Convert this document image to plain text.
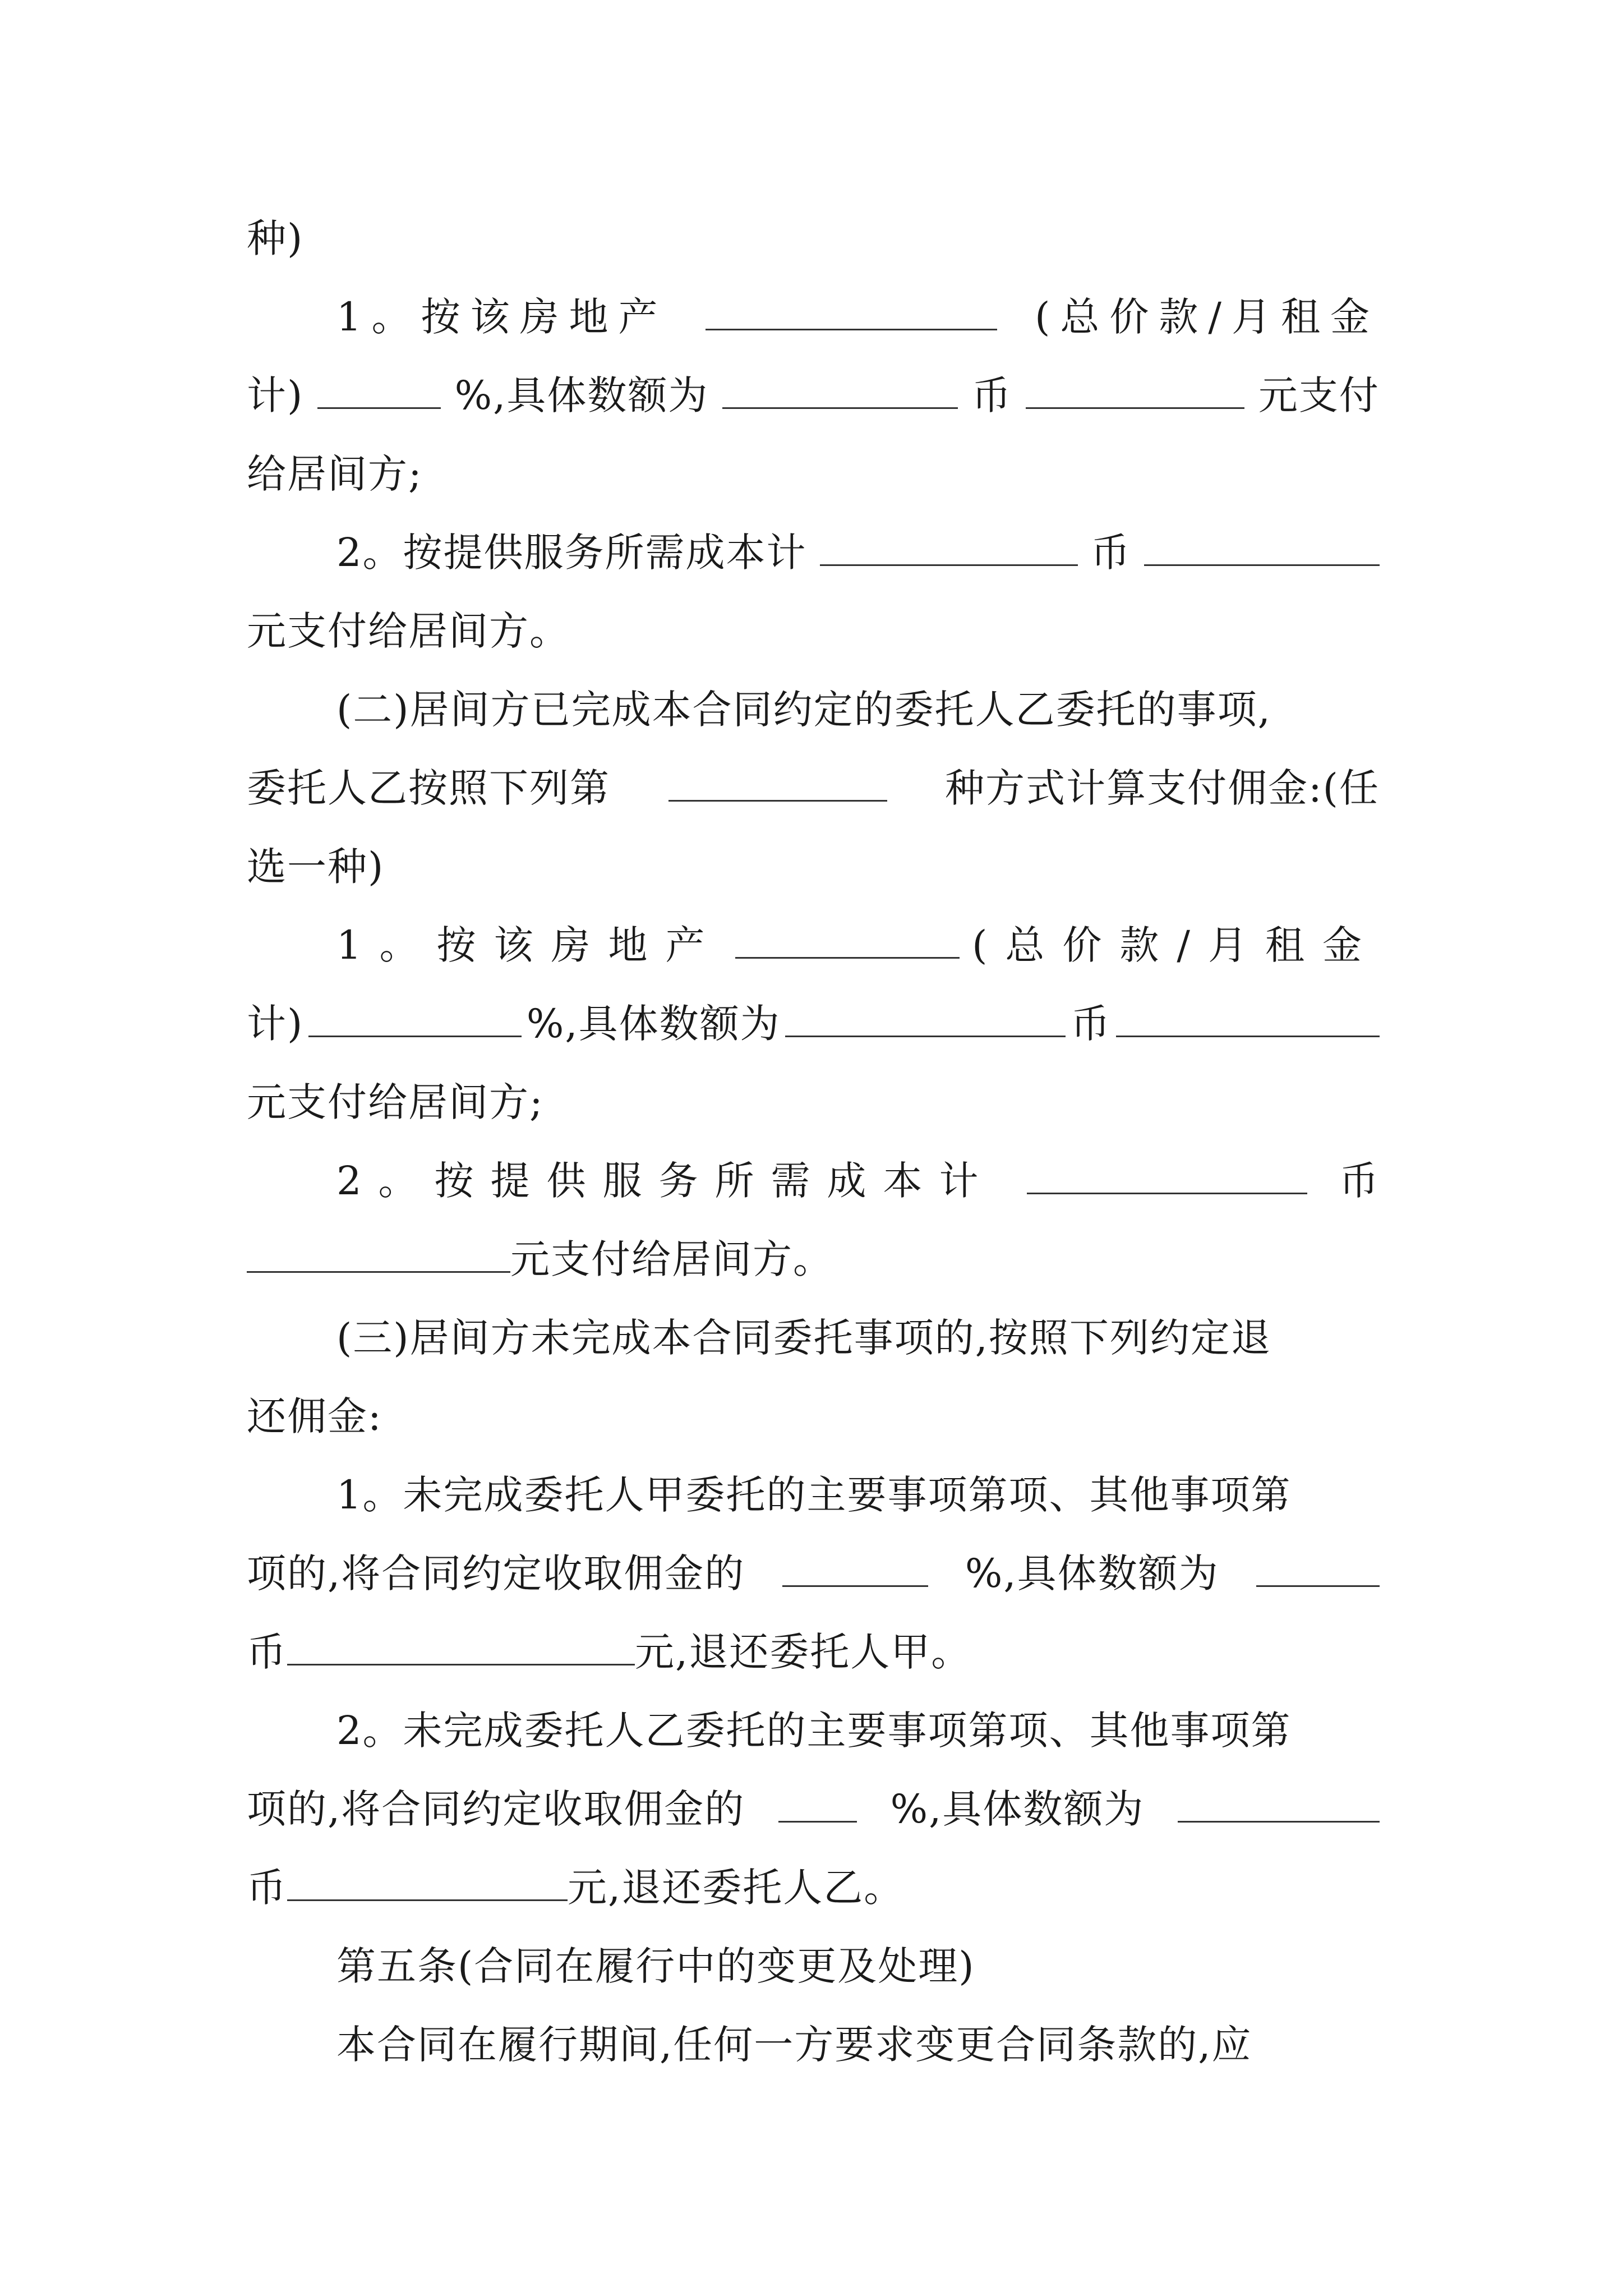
种)
1。按该房地产	(总价款/月租金
计)	%,具体数额为	币	元支付
给居间方;
2。按提供服务所需成本计	币
元支付给居间方。
(二)居间方已完成本合同约定的委托人乙委托的事项,
委托人乙按照下列第	种方式计算支付佣金:(任
选一种)
1。按该房地产	(总价款/月租金
计)	%,具体数额为	币
元支付给居间方;
2。按提供服务所需成本计	币
元支付给居间方。
(三)居间方未完成本合同委托事项的,按照下列约定退
还佣金:
1。未完成委托人甲委托的主要事项第项、其他事项第
项的,将合同约定收取佣金的	%,具体数额为
币	元,退还委托人甲。
2。未完成委托人乙委托的主要事项第项、其他事项第
项的,将合同约定收取佣金的	%,具体数额为
币	元,退还委托人乙。
第五条(合同在履行中的变更及处理)
本合同在履行期间,任何一方要求变更合同条款的,应
